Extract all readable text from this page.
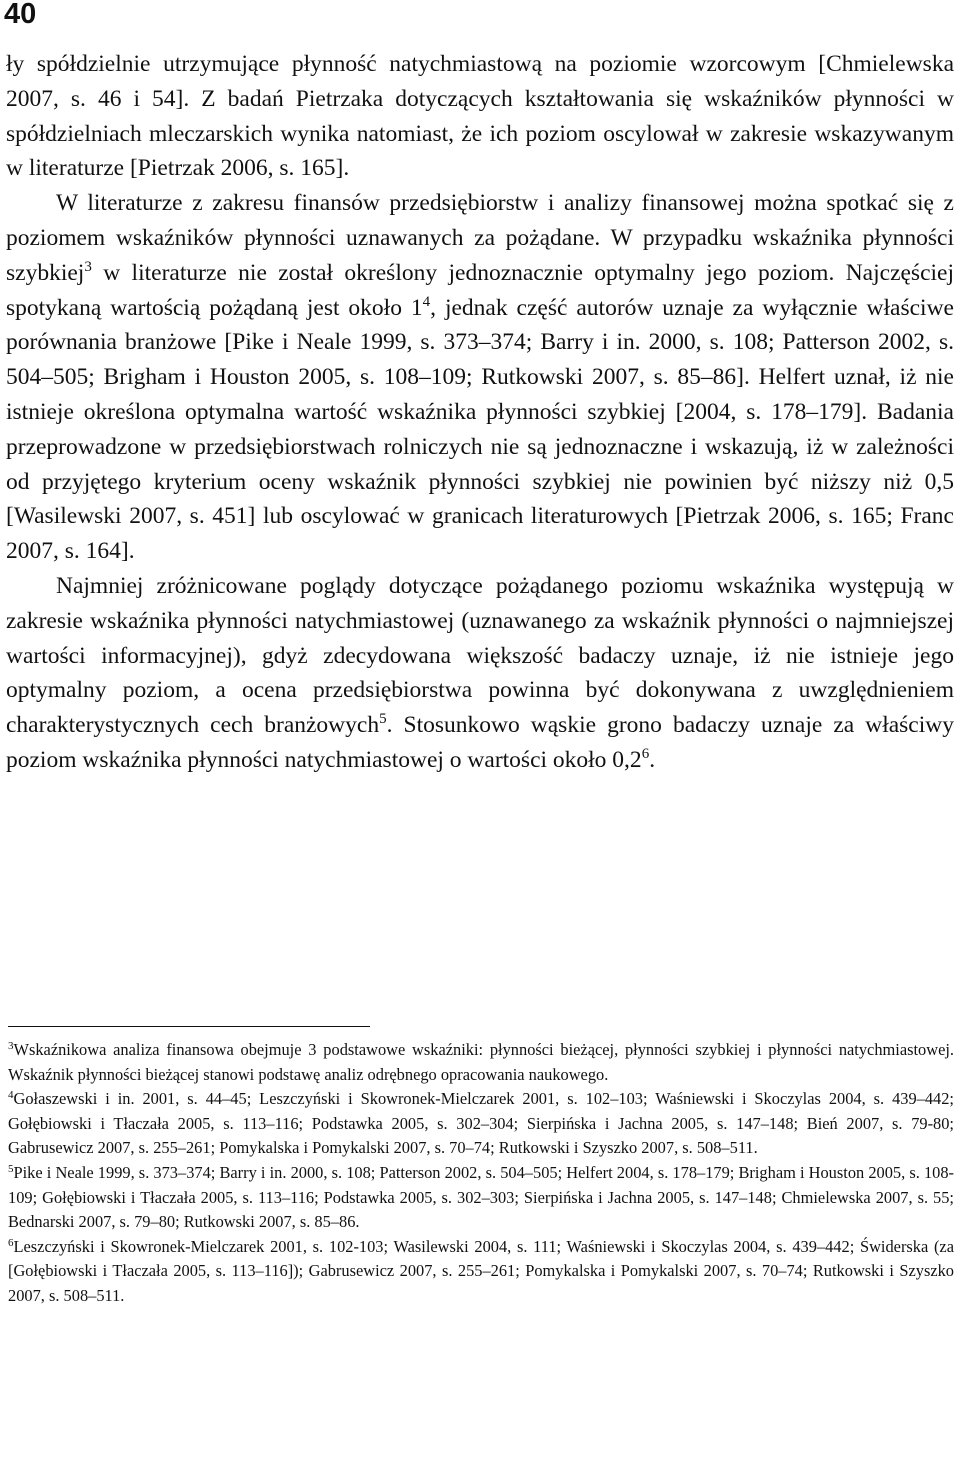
40

ły spółdzielnie utrzymujące płynność natychmiastową na poziomie wzorcowym [Chmielewska 2007, s. 46 i 54]. Z badań Pietrzaka dotyczących kształtowania się wskaźników płynności w spółdzielniach mleczarskich wynika natomiast, że ich poziom oscylował w zakresie wskazywanym w literaturze [Pietrzak 2006, s. 165].

W literaturze z zakresu finansów przedsiębiorstw i analizy finansowej można spotkać się z poziomem wskaźników płynności uznawanych za pożądane. W przypadku wskaźnika płynności szybkiej$^3$ w literaturze nie został określony jednoznacznie optymalny jego poziom. Najczęściej spotykaną wartością pożądaną jest około $1^4$, jednak część autorów uznaje za wyłącznie właściwe porównania branżowe [Pike i Neale 1999, s. 373–374; Barry i in. 2000, s. 108; Patterson 2002, s. 504–505; Brigham i Houston 2005, s. 108–109; Rutkowski 2007, s. 85–86]. Helfert uznał, iż nie istnieje określona optymalna wartość wskaźnika płynności szybkiej [2004, s. 178–179]. Badania przeprowadzone w przedsiębiorstwach rolniczych nie są jednoznaczne i wskazują, iż w zależności od przyjętego kryterium oceny wskaźnik płynności szybkiej nie powinien być niższy niż 0,5 [Wasilewski 2007, s. 451] lub oscylować w granicach literaturowych [Pietrzak 2006, s. 165; Franc 2007, s. 164].

Najmniej zróżnicowane poglądy dotyczące pożądanego poziomu wskaźnika występują w zakresie wskaźnika płynności natychmiastowej (uznawanego za wskaźnik płynności o najmniejszej wartości informacyjnej), gdyż zdecydowana większość badaczy uznaje, iż nie istnieje jego optymalny poziom, a ocena przedsiębiorstwa powinna być dokonywana z uwzględnieniem charakterystycznych cech branżowych$^5$. Stosunkowo wąskie grono badaczy uznaje za właściwy poziom wskaźnika płynności natychmiastowej o wartości około $0,2^6$.

$^3$Wskaźnikowa analiza finansowa obejmuje 3 podstawowe wskaźniki: płynności bieżącej, płynności szybkiej i płynności natychmiastowej. Wskaźnik płynności bieżącej stanowi podstawę analiz odrębnego opracowania naukowego.

$^4$Gołaszewski i in. 2001, s. 44–45; Leszczyński i Skowronek-Mielczarek 2001, s. 102–103; Waśniewski i Skoczylas 2004, s. 439–442; Gołębiowski i Tłaczała 2005, s. 113–116; Podstawka 2005, s. 302–304; Sierpińska i Jachna 2005, s. 147–148; Bień 2007, s. 79-80; Gabrusewicz 2007, s. 255–261; Pomykalska i Pomykalski 2007, s. 70–74; Rutkowski i Szyszko 2007, s. 508–511.

$^5$Pike i Neale 1999, s. 373–374; Barry i in. 2000, s. 108; Patterson 2002, s. 504–505; Helfert 2004, s. 178–179; Brigham i Houston 2005, s. 108-109; Gołębiowski i Tłaczała 2005, s. 113–116; Podstawka 2005, s. 302–303; Sierpińska i Jachna 2005, s. 147–148; Chmielewska 2007, s. 55; Bednarski 2007, s. 79–80; Rutkowski 2007, s. 85–86.

$^6$Leszczyński i Skowronek-Mielczarek 2001, s. 102-103; Wasilewski 2004, s. 111; Waśniewski i Skoczylas 2004, s. 439–442; Świderska (za [Gołębiowski i Tłaczała 2005, s. 113–116]); Gabrusewicz 2007, s. 255–261; Pomykalska i Pomykalski 2007, s. 70–74; Rutkowski i Szyszko 2007, s. 508–511.
